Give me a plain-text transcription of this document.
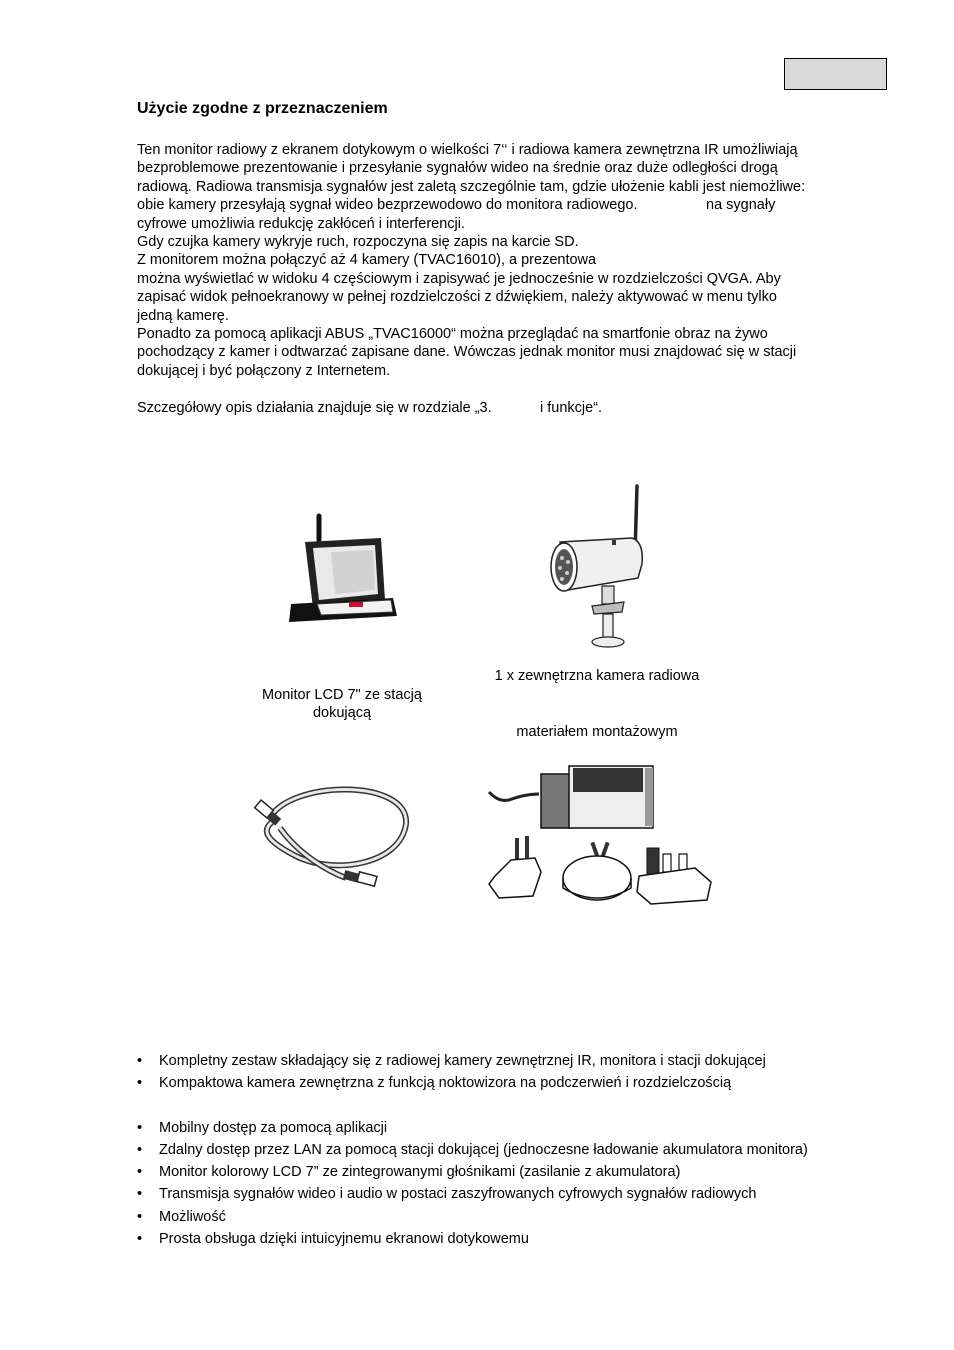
Użycie zgodne z przeznaczeniem
Ten monitor radiowy z ekranem dotykowym o wielkości 7‘‘ i radiowa kamera zewnętrzna IR umożliwiają
bezproblemowe prezentowanie i przesyłanie sygnałów wideo na średnie oraz duże odległości drogą
radiową. Radiowa transmisja sygnałów jest zaletą szczególnie tam, gdzie ułożenie kabli jest niemożliwe:
obie kamery przesyłają sygnał wideo bezprzewodowo do monitora radiowego.                 na sygnały
cyfrowe umożliwia redukcję zakłóceń i interferencji.
Gdy czujka kamery wykryje ruch, rozpoczyna się zapis na karcie SD.
Z monitorem można połączyć aż 4 kamery (TVAC16010), a prezentowa
można wyświetlać w widoku 4 częściowym i zapisywać je jednocześnie w rozdzielczości QVGA. Aby
zapisać widok pełnoekranowy w pełnej rozdzielczości z dźwiękiem, należy aktywować w menu tylko
jedną kamerę.
Ponadto za pomocą aplikacji ABUS „TVAC16000“ można przeglądać na smartfonie obraz na żywo
pochodzący z kamer i odtwarzać zapisane dane. Wówczas jednak monitor musi znajdować się w stacji
dokującej i być połączony z Internetem.

Szczegółowy opis działania znajduje się w rozdziale „3.            i funkcje“.

1 x zewnętrzna kamera radiowa

Monitor LCD 7" ze stacją
dokującą

materiałem montażowym

• Kompletny zestaw składający się z radiowej kamery zewnętrznej IR, monitora i stacji dokującej
• Kompaktowa kamera zewnętrzna z funkcją noktowizora na podczerwień i rozdzielczością
• Mobilny dostęp za pomocą aplikacji
• Zdalny dostęp przez LAN za pomocą stacji dokującej (jednoczesne ładowanie akumulatora monitora)
• Monitor kolorowy LCD 7” ze zintegrowanymi głośnikami (zasilanie z akumulatora)
• Transmisja sygnałów wideo i audio w postaci zaszyfrowanych cyfrowych sygnałów radiowych
• Możliwość
• Prosta obsługa dzięki intuicyjnemu ekranowi dotykowemu
